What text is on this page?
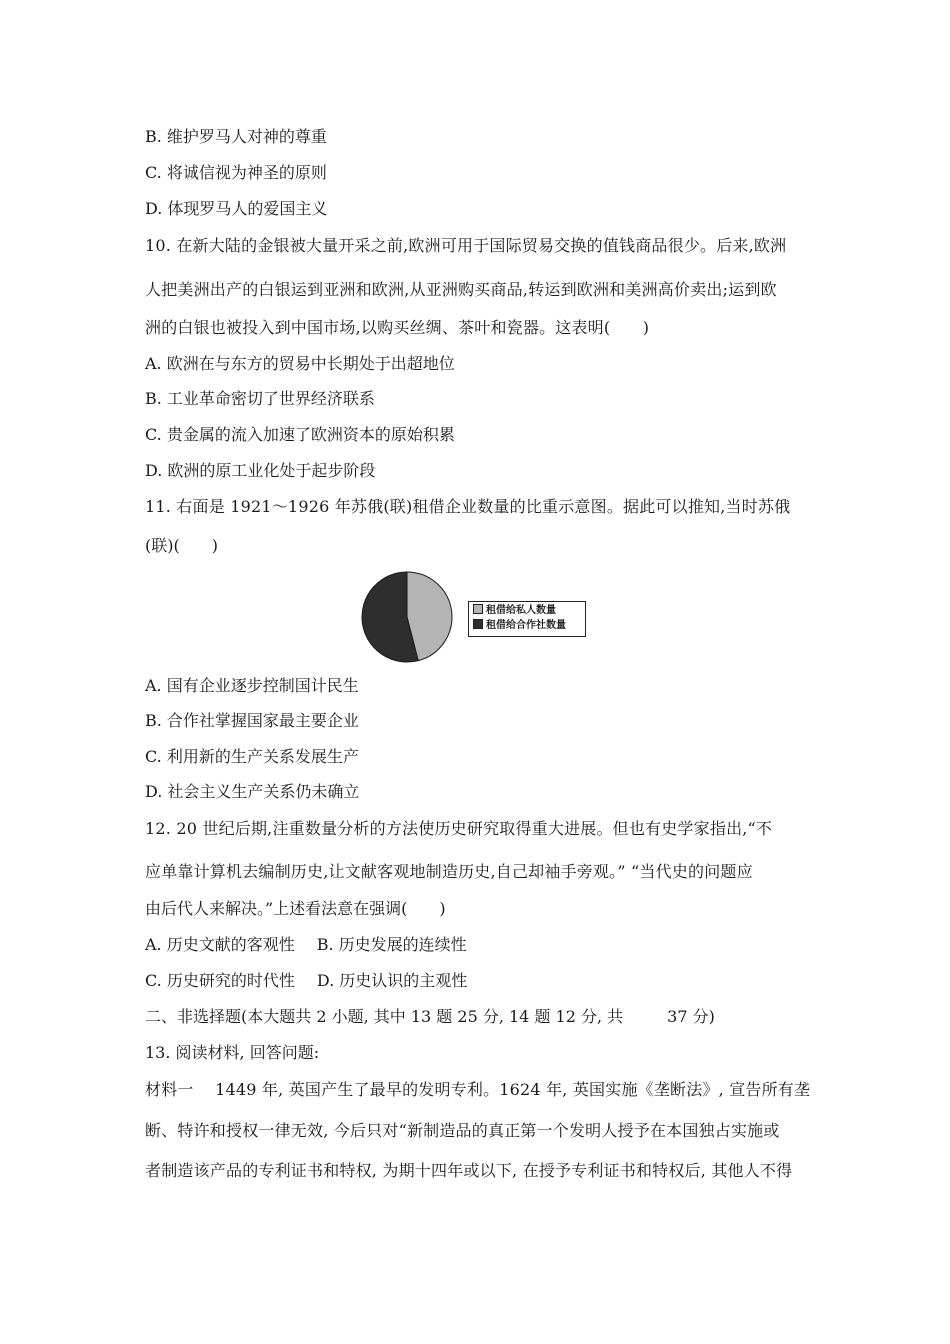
B. 维护罗马人对神的尊重
C. 将诚信视为神圣的原则
D. 体现罗马人的爱国主义
10. 在新大陆的金银被大量开采之前,欧洲可用于国际贸易交换的值钱商品很少。后来,欧洲
人把美洲出产的白银运到亚洲和欧洲,从亚洲购买商品,转运到欧洲和美洲高价卖出;运到欧
洲的白银也被投入到中国市场,以购买丝绸、茶叶和瓷器。这表明(　　)
A. 欧洲在与东方的贸易中长期处于出超地位
B. 工业革命密切了世界经济联系
C. 贵金属的流入加速了欧洲资本的原始积累
D. 欧洲的原工业化处于起步阶段
11. 右面是 1921～1926 年苏俄(联)租借企业数量的比重示意图。据此可以推知,当时苏俄
(联)(　　)
租借给私人数量
租借给合作社数量
A. 国有企业逐步控制国计民生
B. 合作社掌握国家最主要企业
C. 利用新的生产关系发展生产
D. 社会主义生产关系仍未确立
12. 20 世纪后期,注重数量分析的方法使历史研究取得重大进展。但也有史学家指出,“不
应单靠计算机去编制历史,让文献客观地制造历史,自己却袖手旁观。” “当代史的问题应
由后代人来解决。”上述看法意在强调(　　)
A. 历史文献的客观性 B. 历史发展的连续性
C. 历史研究的时代性 D. 历史认识的主观性
二、非选择题(本大题共 2 小题, 其中 13 题 25 分, 14 题 12 分, 共	37 分)
13. 阅读材料, 回答问题:
材料一　 1449 年, 英国产生了最早的发明专利。1624 年, 英国实施《垄断法》, 宣告所有垄
断、特许和授权一律无效, 今后只对“新制造品的真正第一个发明人授予在本国独占实施或
者制造该产品的专利证书和特权, 为期十四年或以下, 在授予专利证书和特权后, 其他人不得
